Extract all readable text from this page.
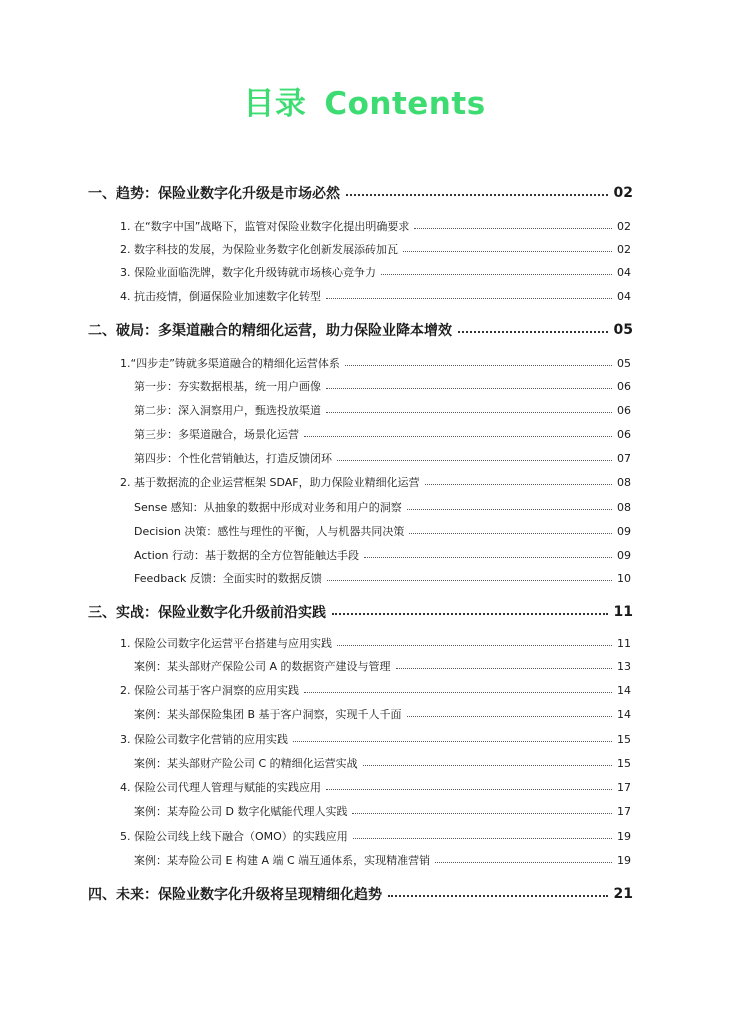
目录 Contents
一、趋势：保险业数字化升级是市场必然	02
1. 在“数字中国”战略下，监管对保险业数字化提出明确要求	02
2. 数字科技的发展，为保险业务数字化创新发展添砖加瓦	02
3. 保险业面临洗牌，数字化升级铸就市场核心竞争力	04
4. 抗击疫情，倒逼保险业加速数字化转型	04
二、破局：多渠道融合的精细化运营，助力保险业降本增效	05
1.“四步走”铸就多渠道融合的精细化运营体系	05
第一步：夯实数据根基，统一用户画像	06
第二步：深入洞察用户，甄选投放渠道	06
第三步：多渠道融合，场景化运营	06
第四步：个性化营销触达，打造反馈闭环	07
2. 基于数据流的企业运营框架 SDAF，助力保险业精细化运营	08
Sense 感知：从抽象的数据中形成对业务和用户的洞察	08
Decision 决策：感性与理性的平衡，人与机器共同决策	09
Action 行动：基于数据的全方位智能触达手段	09
Feedback 反馈：全面实时的数据反馈	10
三、实战：保险业数字化升级前沿实践	11
1. 保险公司数字化运营平台搭建与应用实践	11
案例：某头部财产保险公司 A 的数据资产建设与管理	13
2. 保险公司基于客户洞察的应用实践	14
案例：某头部保险集团 B 基于客户洞察，实现千人千面	14
3. 保险公司数字化营销的应用实践	15
案例：某头部财产险公司 C 的精细化运营实战	15
4. 保险公司代理人管理与赋能的实践应用	17
案例：某寿险公司 D 数字化赋能代理人实践	17
5. 保险公司线上线下融合（OMO）的实践应用	19
案例：某寿险公司 E 构建 A 端 C 端互通体系，实现精准营销	19
四、未来：保险业数字化升级将呈现精细化趋势	21
